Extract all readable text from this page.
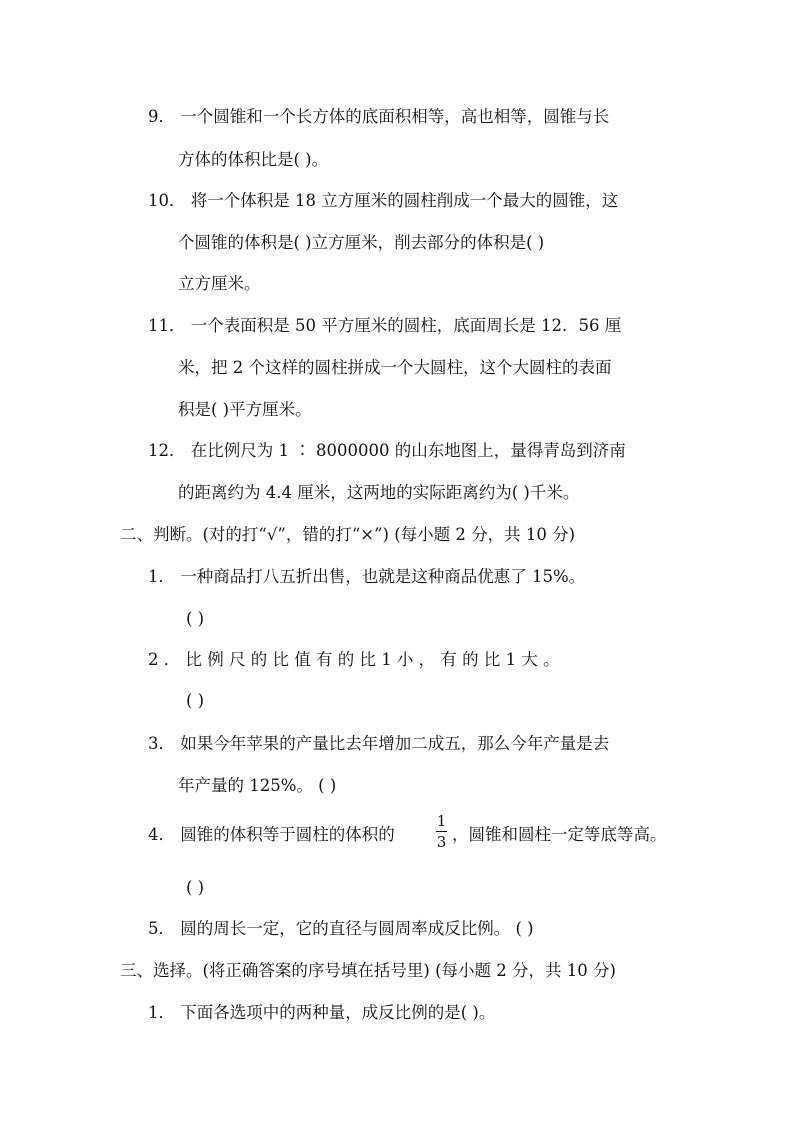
9． 一个圆锥和一个长方体的底面积相等，高也相等，圆锥与长
方体的体积比是( )。
10． 将一个体积是 18 立方厘米的圆柱削成一个最大的圆锥，这
个圆锥的体积是( )立方厘米，削去部分的体积是( )
立方厘米。
11． 一个表面积是 50 平方厘米的圆柱，底面周长是 12．56 厘
米，把 2 个这样的圆柱拼成一个大圆柱，这个大圆柱的表面
积是( )平方厘米。
12． 在比例尺为 1 ∶ 8000000 的山东地图上，量得青岛到济南
的距离约为 4.4 厘米，这两地的实际距离约为( )千米。
二、判断。(对的打“√”，错的打“×”) (每小题 2 分，共 10 分)
1． 一种商品打八五折出售，也就是这种商品优惠了 15%。
( )
2 ． 比 例 尺 的 比 值 有 的 比 1 小 ， 有 的 比 1 大 。
( )
3． 如果今年苹果的产量比去年增加二成五，那么今年产量是去
年产量的 125%。 ( )
4． 圆锥的体积等于圆柱的体积的
1
3 ，圆锥和圆柱一定等底等高。
( )
5． 圆的周长一定，它的直径与圆周率成反比例。 ( )
三、选择。(将正确答案的序号填在括号里) (每小题 2 分，共 10 分)
1． 下面各选项中的两种量，成反比例的是( )。
